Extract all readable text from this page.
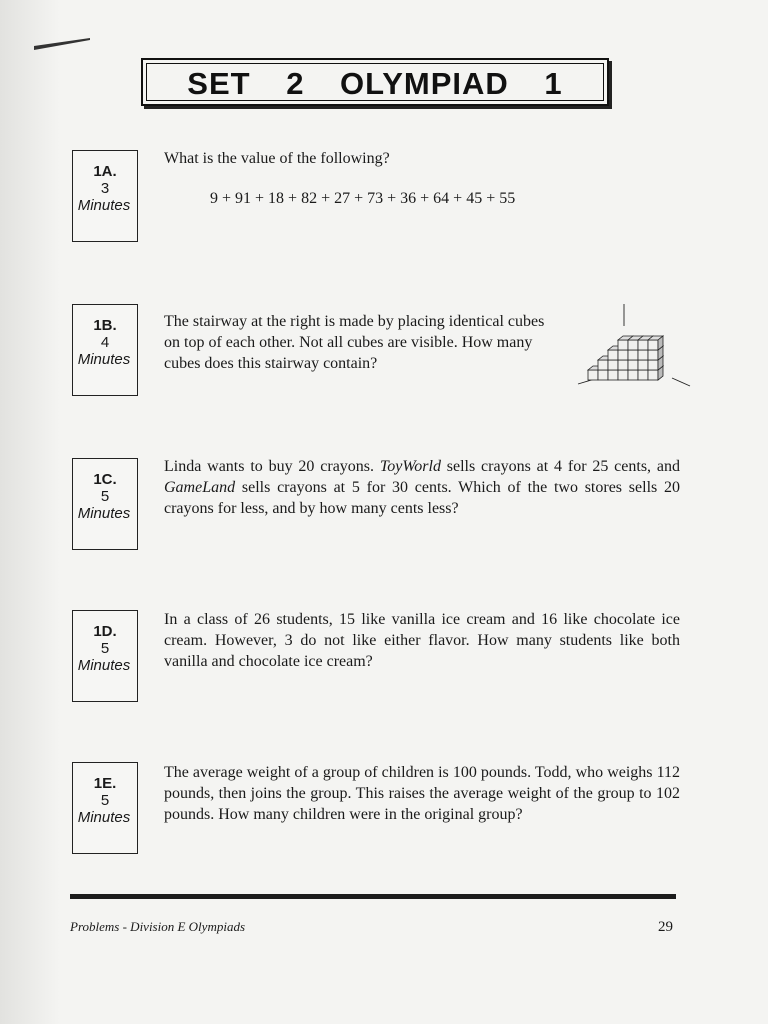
SET 2 OLYMPIAD 1
1A.
3
Minutes
What is the value of the following?
9 + 91 + 18 + 82 + 27 + 73 + 36 + 64 + 45 + 55
1B.
4
Minutes
The stairway at the right is made by placing identical cubes on top of each other. Not all cubes are visible. How many cubes does this stairway contain?
1C.
5
Minutes
Linda wants to buy 20 crayons. ToyWorld sells crayons at 4 for 25 cents, and GameLand sells crayons at 5 for 30 cents. Which of the two stores sells 20 crayons for less, and by how many cents less?
1D.
5
Minutes
In a class of 26 students, 15 like vanilla ice cream and 16 like chocolate ice cream. However, 3 do not like either flavor. How many students like both vanilla and chocolate ice cream?
1E.
5
Minutes
The average weight of a group of children is 100 pounds. Todd, who weighs 112 pounds, then joins the group. This raises the average weight of the group to 102 pounds. How many children were in the original group?
Problems - Division E Olympiads	29
